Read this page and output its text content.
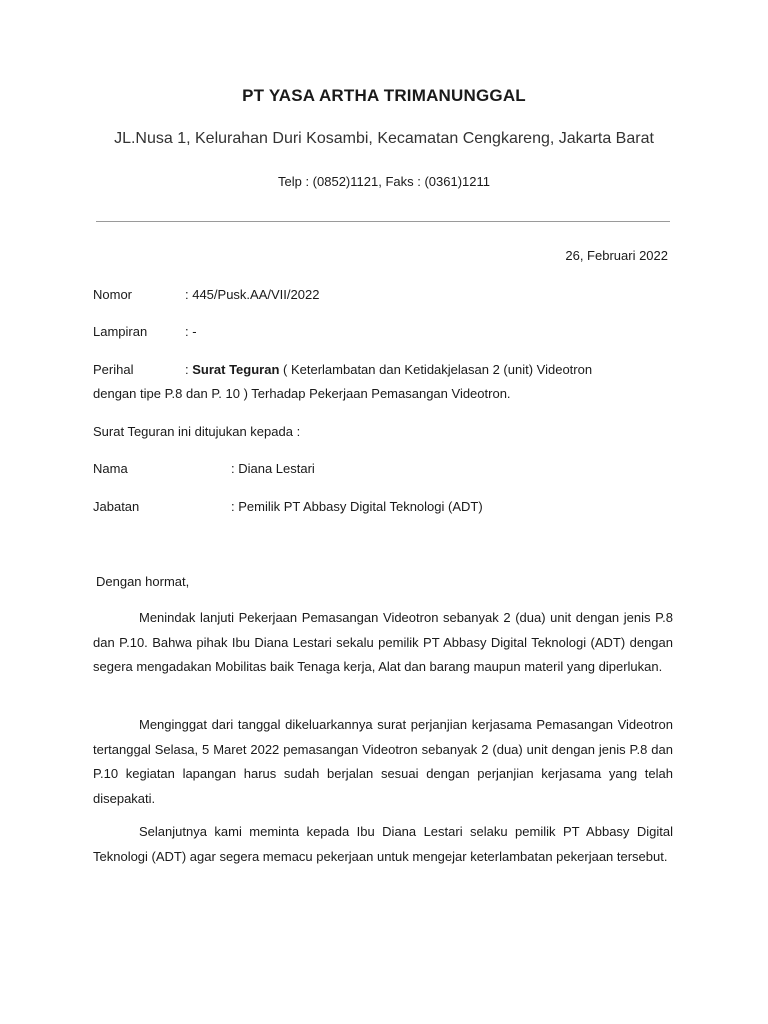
PT YASA ARTHA TRIMANUNGGAL
JL.Nusa 1, Kelurahan Duri Kosambi, Kecamatan Cengkareng, Jakarta Barat
Telp : (0852)1121, Faks : (0361)1211
26, Februari 2022
Nomor	: 445/Pusk.AA/VII/2022
Lampiran	: -
Perihal	: Surat Teguran ( Keterlambatan dan Ketidakjelasan 2 (unit) Videotron
dengan tipe P.8 dan P. 10 ) Terhadap Pekerjaan Pemasangan Videotron.
Surat Teguran ini ditujukan kepada :
Nama	: Diana Lestari
Jabatan	: Pemilik PT Abbasy Digital Teknologi (ADT)
Dengan hormat,

Menindak lanjuti Pekerjaan Pemasangan Videotron sebanyak 2 (dua) unit dengan jenis P.8 dan P.10. Bahwa pihak Ibu Diana Lestari sekalu pemilik PT Abbasy Digital Teknologi (ADT) dengan segera mengadakan Mobilitas baik Tenaga kerja, Alat dan barang maupun materil yang diperlukan.

Menginggat dari tanggal dikeluarkannya surat perjanjian kerjasama Pemasangan Videotron tertanggal Selasa, 5 Maret 2022 pemasangan Videotron sebanyak 2 (dua) unit dengan jenis P.8 dan P.10 kegiatan lapangan harus sudah berjalan sesuai dengan perjanjian kerjasama yang telah disepakati.

Selanjutnya kami meminta kepada Ibu Diana Lestari selaku pemilik PT Abbasy Digital Teknologi (ADT) agar segera memacu pekerjaan untuk mengejar keterlambatan pekerjaan tersebut.
